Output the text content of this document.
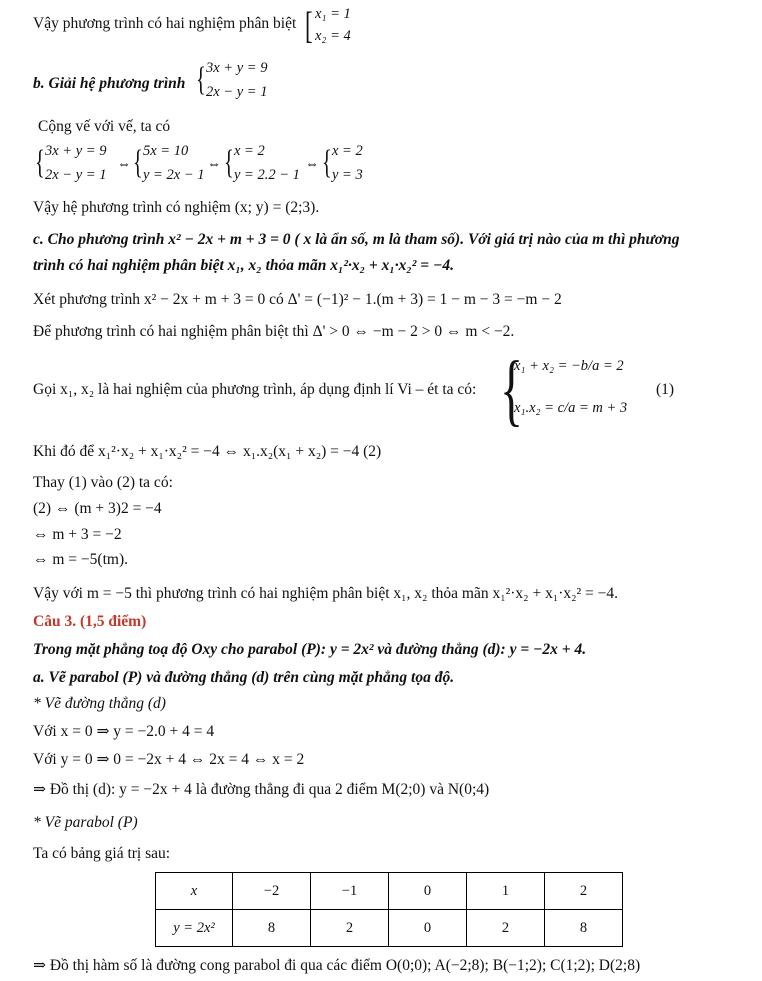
Vậy phương trình có hai nghiệm phân biệt [ x₁ = 1
x₂ = 4
b. Giải hệ phương trình { 3x + y = 9
2x − y = 1
Cộng vế với vế, ta có
{ 3x + y = 9
2x − y = 1
⇔ { 5x = 10
y = 2x − 1
⇔ { x = 2
y = 2.2 − 1
⇔ { x = 2
y = 3
Vậy hệ phương trình có nghiệm (x; y) = (2;3).
c. Cho phương trình x² − 2x + m + 3 = 0 ( x là ẩn số, m là tham số). Với giá trị nào của m thì phương
trình có hai nghiệm phân biệt x₁, x₂ thỏa mãn x₁²·x₂ + x₁·x₂² = −4.
Xét phương trình x² − 2x + m + 3 = 0 có Δ' = (−1)² − 1.(m + 3) = 1 − m − 3 = −m − 2
Để phương trình có hai nghiệm phân biệt thì Δ' > 0 ⇔ −m − 2 > 0 ⇔ m < −2.
Gọi x₁, x₂ là hai nghiệm của phương trình, áp dụng định lí Vi – ét ta có: {
x₁ + x₂ = −b/a = 2
x₁.x₂ = c/a = m + 3
(1)
Khi đó để x₁²·x₂ + x₁·x₂² = −4 ⇔ x₁.x₂(x₁ + x₂) = −4 (2)
Thay (1) vào (2) ta có:
(2) ⇔ (m + 3)2 = −4
⇔ m + 3 = −2
⇔ m = −5(tm).
Vậy với m = −5 thì phương trình có hai nghiệm phân biệt x₁, x₂ thỏa mãn x₁²·x₂ + x₁·x₂² = −4.
Câu 3. (1,5 điểm)
Trong mặt phẳng toạ độ Oxy cho parabol (P): y = 2x² và đường thẳng (d): y = −2x + 4.
a. Vẽ parabol (P) và đường thẳng (d) trên cùng mặt phẳng tọa độ.
* Vẽ đường thẳng (d)
Với x = 0 ⇒ y = −2.0 + 4 = 4
Với y = 0 ⇒ 0 = −2x + 4 ⇔ 2x = 4 ⇔ x = 2
⇒ Đồ thị (d): y = −2x + 4 là đường thẳng đi qua 2 điểm M(2;0) và N(0;4)
* Vẽ parabol (P)
Ta có bảng giá trị sau:
x	−2	−1	0	1	2
y = 2x²	8	2	0	2	8
⇒ Đồ thị hàm số là đường cong parabol đi qua các điểm O(0;0); A(−2;8); B(−1;2); C(1;2); D(2;8)
